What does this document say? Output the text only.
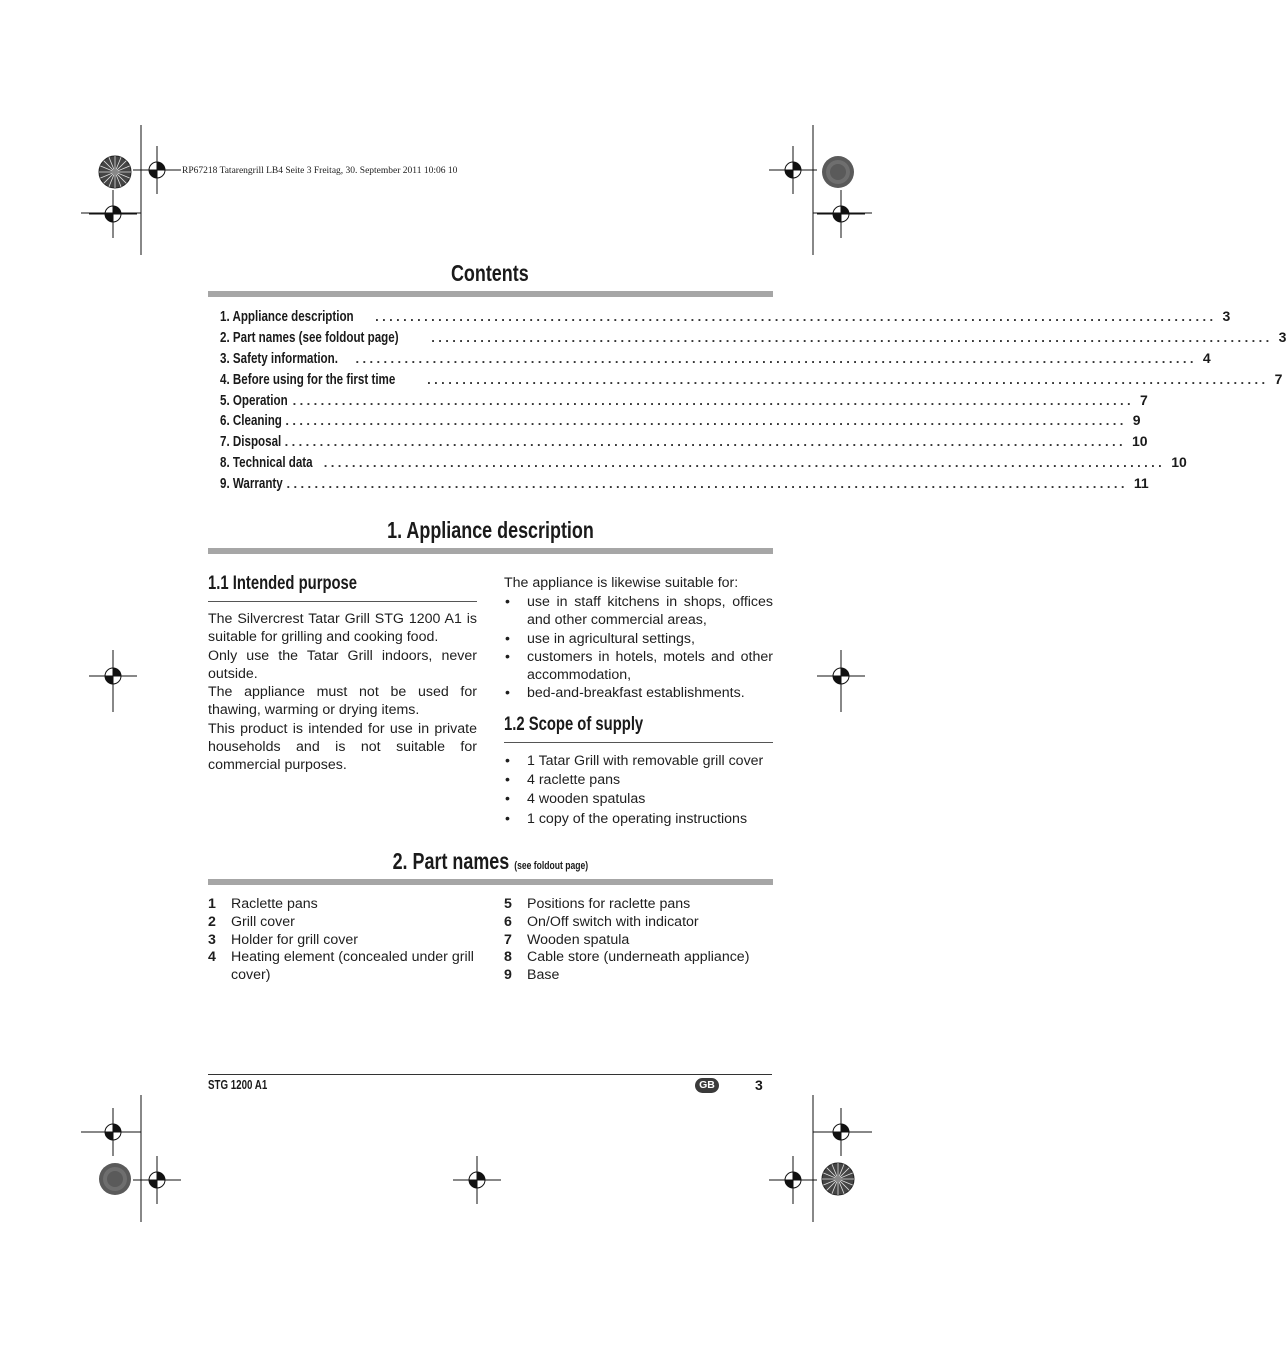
RP67218 Tatarengrill LB4 Seite 3 Freitag, 30. September 2011 10:06 10
Contents
1. Appliance description	........................................................................................................................ 3
2. Part names (see foldout page)	........................................................................................................................ 3
3. Safety information.	........................................................................................................................ 4
4. Before using for the first time	........................................................................................................................ 7
5. Operation ........................................................................................................................ 7
6. Cleaning ........................................................................................................................ 9
7. Disposal ........................................................................................................................ 10
8. Technical data ........................................................................................................................ 10
9. Warranty ........................................................................................................................ 11
1. Appliance description
1.1 Intended purpose

The Silvercrest Tatar Grill STG 1200 A1 is suitable for grilling and cooking food.

Only use the Tatar Grill indoors, never outside.

The appliance must not be used for thawing, warming or drying items.

This product is intended for use in private households and is not suitable for commercial purposes.

The appliance is likewise suitable for:
• use in staff kitchens in shops, offices and other commercial areas,
• use in agricultural settings,
• customers in hotels, motels and other accommodation,
• bed-and-breakfast establishments.
1.2 Scope of supply
• 1 Tatar Grill with removable grill cover
• 4 raclette pans
• 4 wooden spatulas
• 1 copy of the operating instructions
2. Part names (see foldout page)
1	Raclette pans
2	Grill cover
3	Holder for grill cover
4	Heating element (concealed under grill cover)
5	Positions for raclette pans
6	On/Off switch with indicator
7	Wooden spatula
8	Cable store (underneath appliance)
9	Base
STG 1200 A1	GB	3
